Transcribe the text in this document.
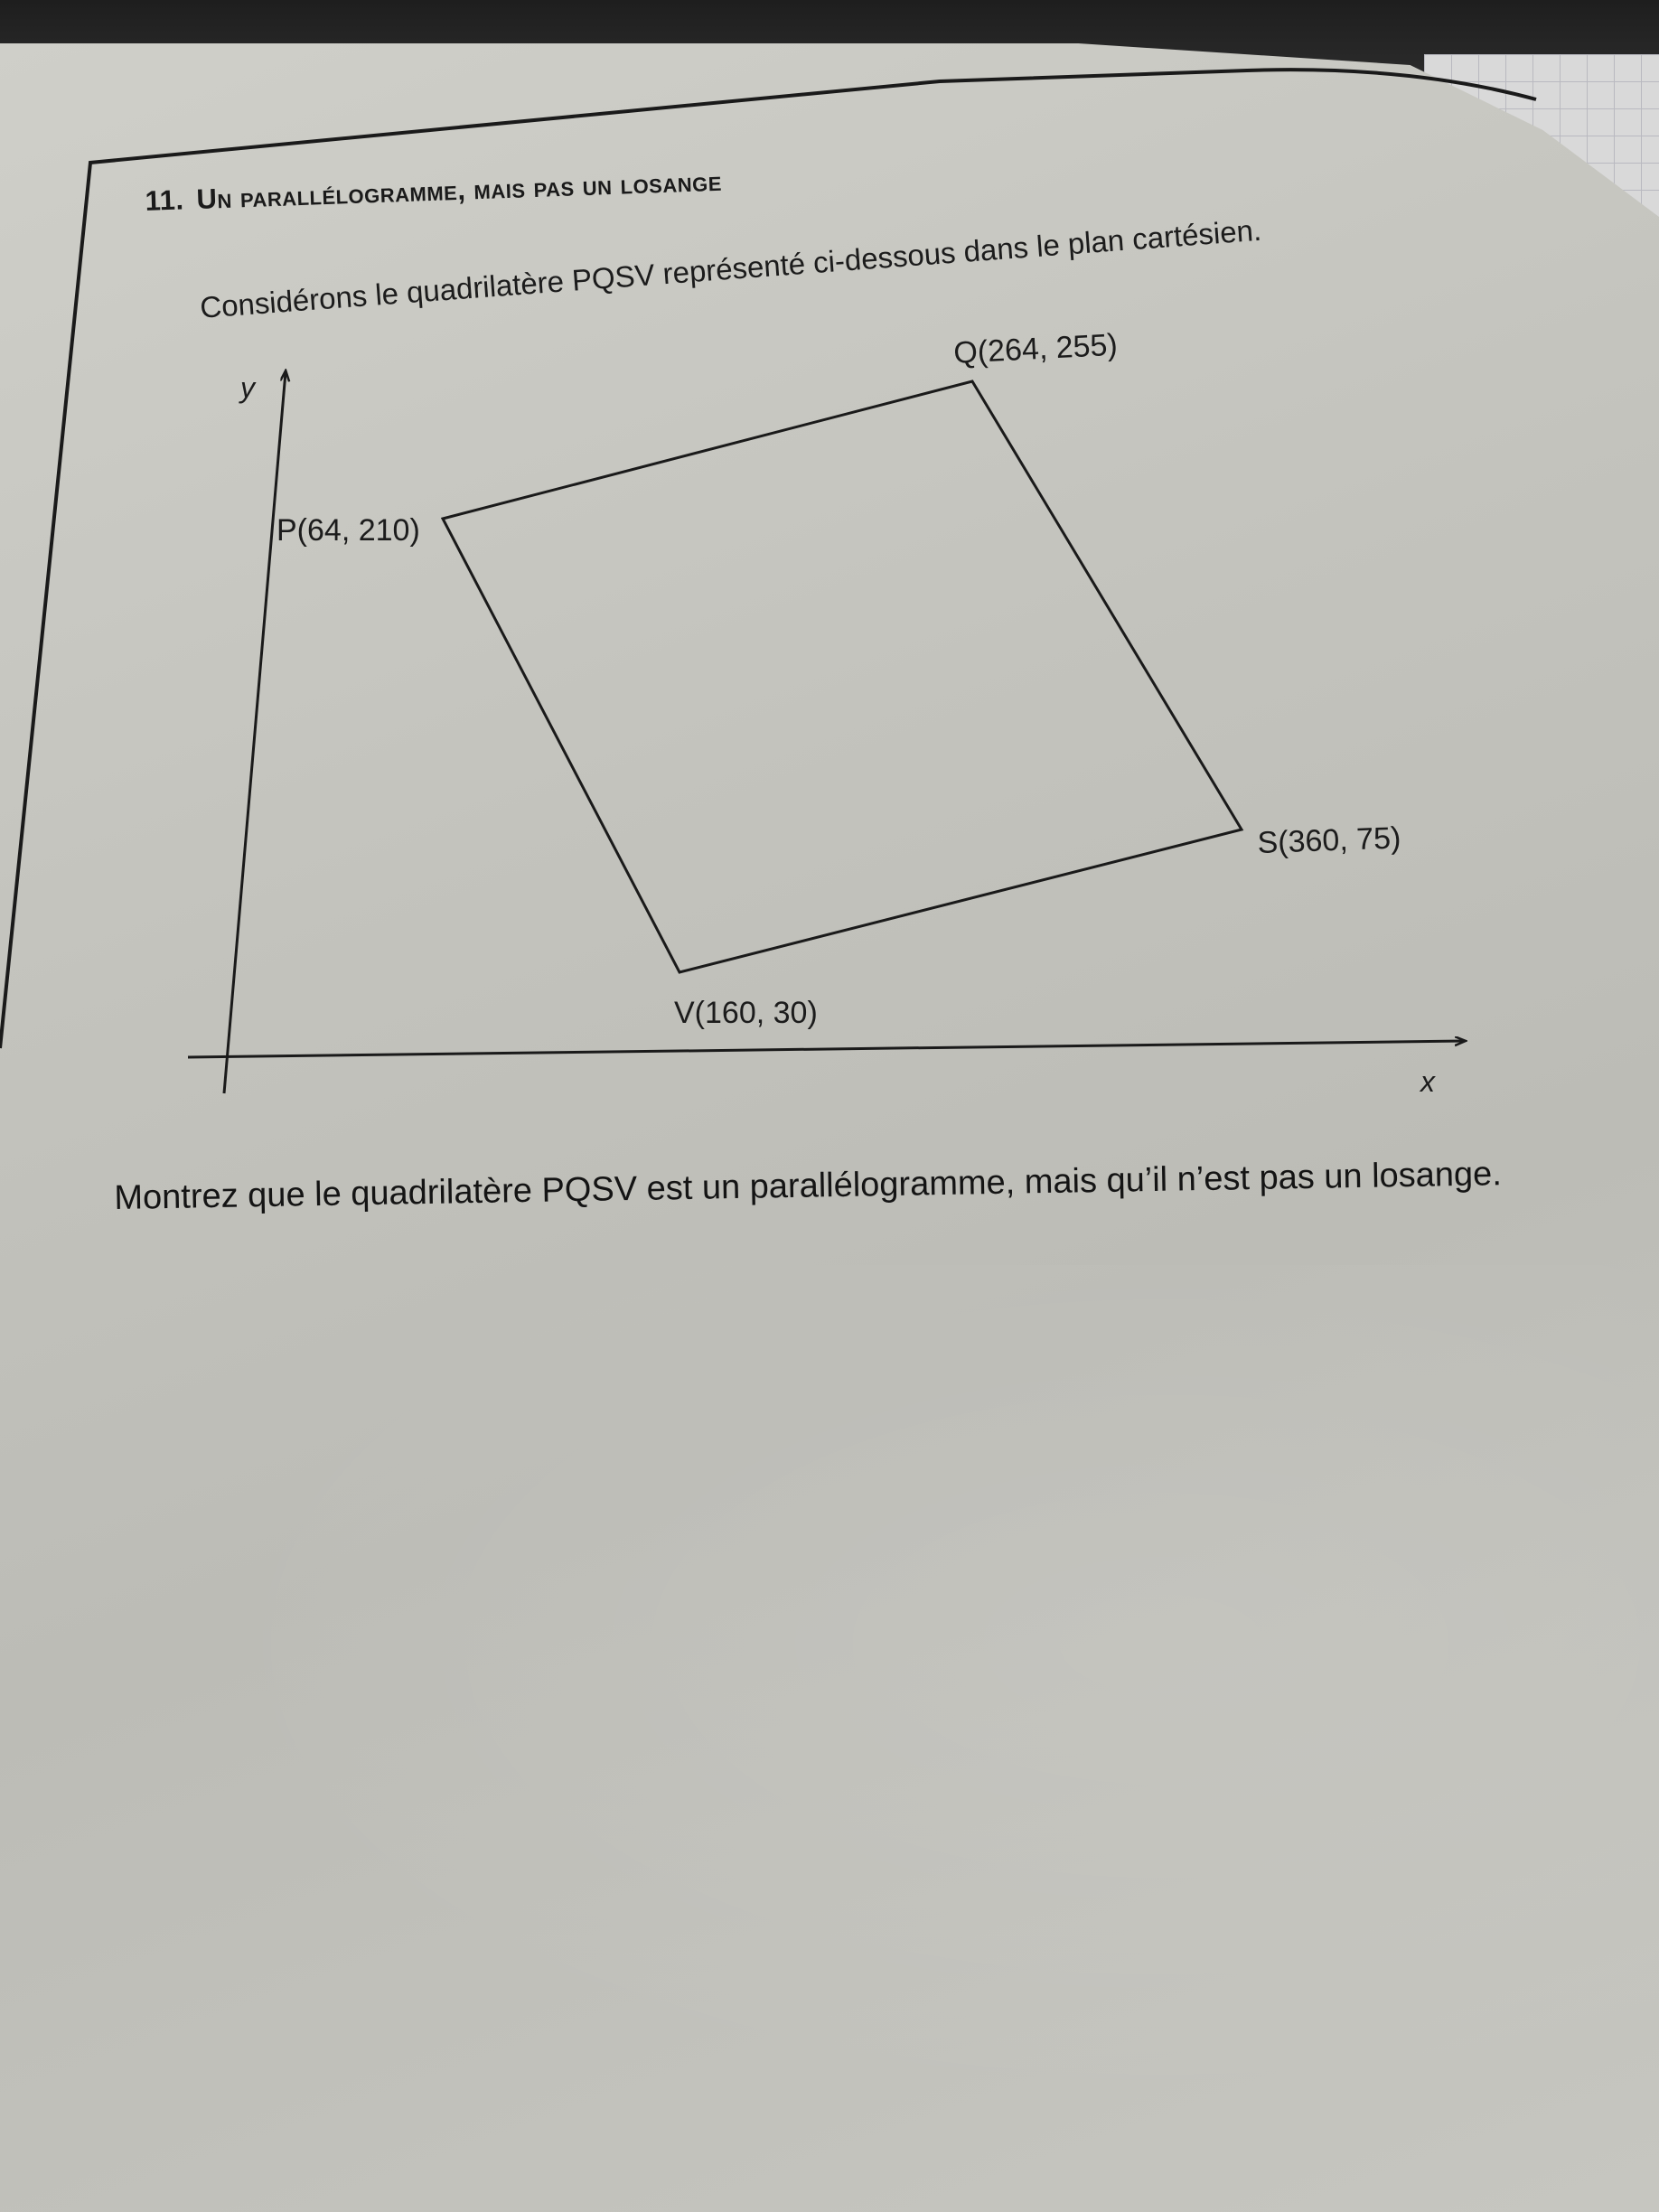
11. Un parallélogramme, mais pas un losange
Considérons le quadrilatère PQSV représenté ci-dessous dans le plan cartésien.
y
x
P(64, 210)
Q(264, 255)
S(360, 75)
V(160, 30)
Montrez que le quadrilatère PQSV est un parallélogramme, mais qu’il n’est pas un losange.
